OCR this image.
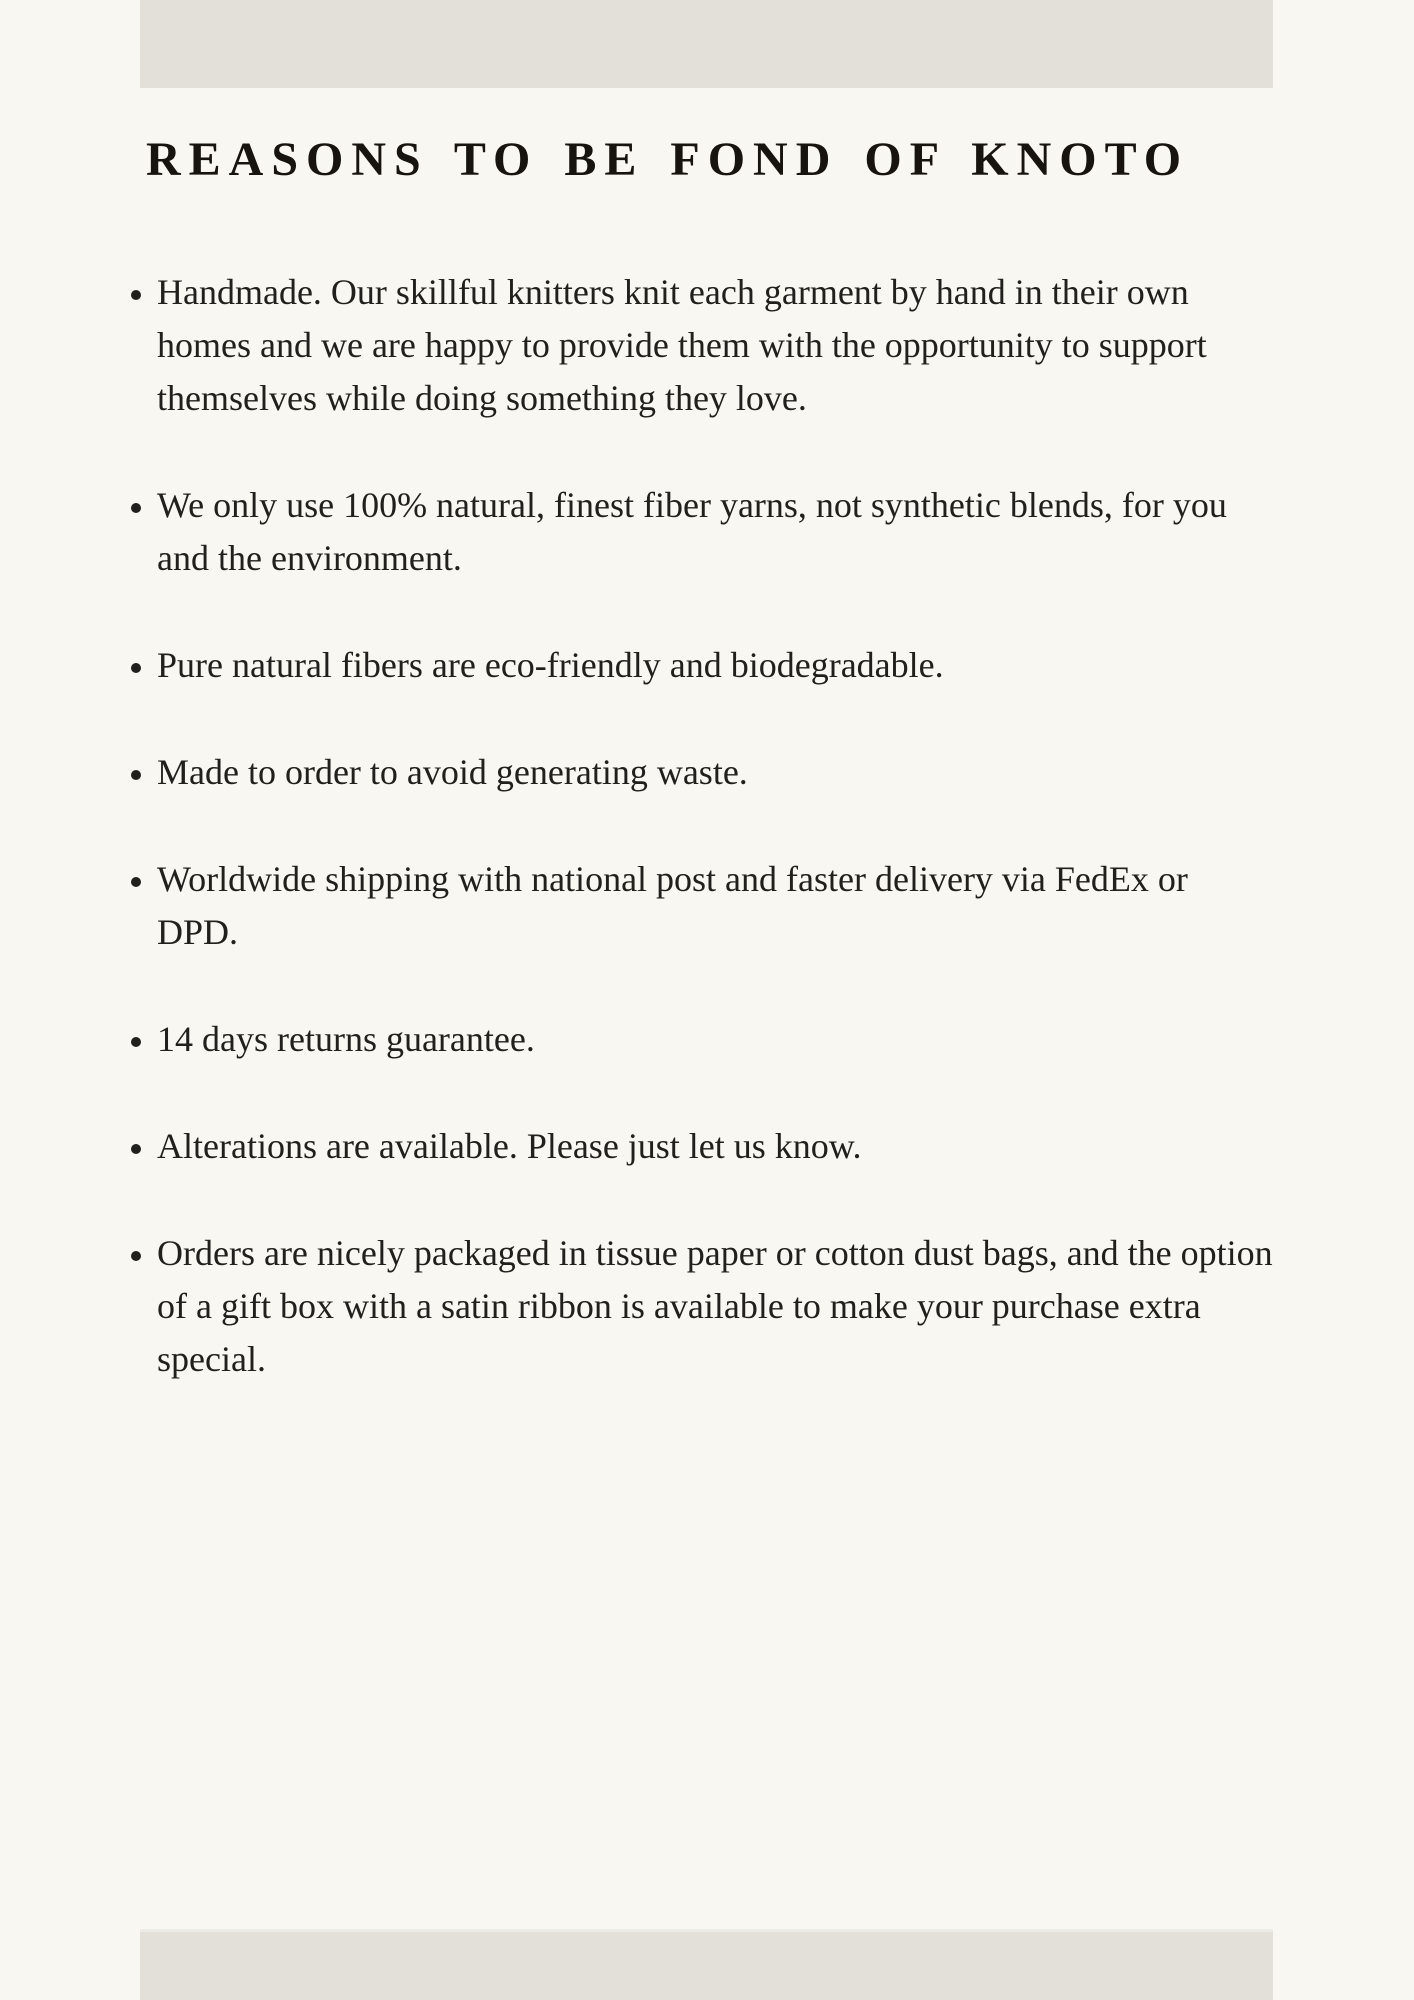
REASONS TO BE FOND OF KNOTO
• Handmade. Our skillful knitters knit each garment by hand in their own homes and we are happy to provide them with the opportunity to support themselves while doing something they love.
• We only use 100% natural, finest fiber yarns, not synthetic blends, for you and the environment.
• Pure natural fibers are eco-friendly and biodegradable.
• Made to order to avoid generating waste.
• Worldwide shipping with national post and faster delivery via FedEx or DPD.
• 14 days returns guarantee.
• Alterations are available. Please just let us know.
• Orders are nicely packaged in tissue paper or cotton dust bags, and the option of a gift box with a satin ribbon is available to make your purchase extra special.
